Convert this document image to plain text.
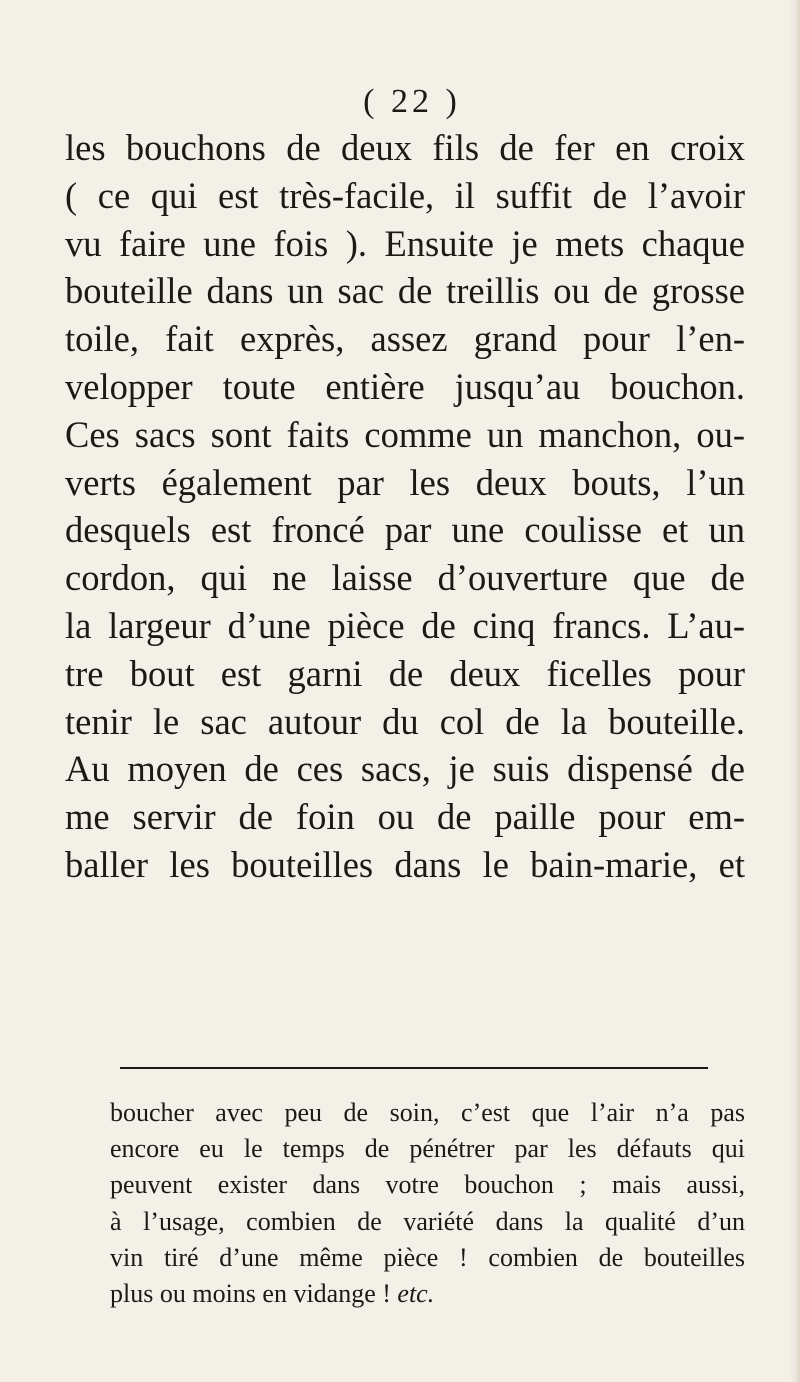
( 22 )
les bouchons de deux fils de fer en croix
( ce qui est très-facile, il suffit de l’avoir
vu faire une fois ). Ensuite je mets chaque
bouteille dans un sac de treillis ou de grosse
toile, fait exprès, assez grand pour l’en-
velopper toute entière jusqu’au bouchon.
Ces sacs sont faits comme un manchon, ou-
verts également par les deux bouts, l’un
desquels est froncé par une coulisse et un
cordon, qui ne laisse d’ouverture que de
la largeur d’une pièce de cinq francs. L’au-
tre bout est garni de deux ficelles pour
tenir le sac autour du col de la bouteille.
Au moyen de ces sacs, je suis dispensé de
me servir de foin ou de paille pour em-
baller les bouteilles dans le bain-marie, et
boucher avec peu de soin, c’est que l’air n’a pas
encore eu le temps de pénétrer par les défauts qui
peuvent exister dans votre bouchon ; mais aussi,
à l’usage, combien de variété dans la qualité d’un
vin tiré d’une même pièce ! combien de bouteilles
plus ou moins en vidange ! etc.
